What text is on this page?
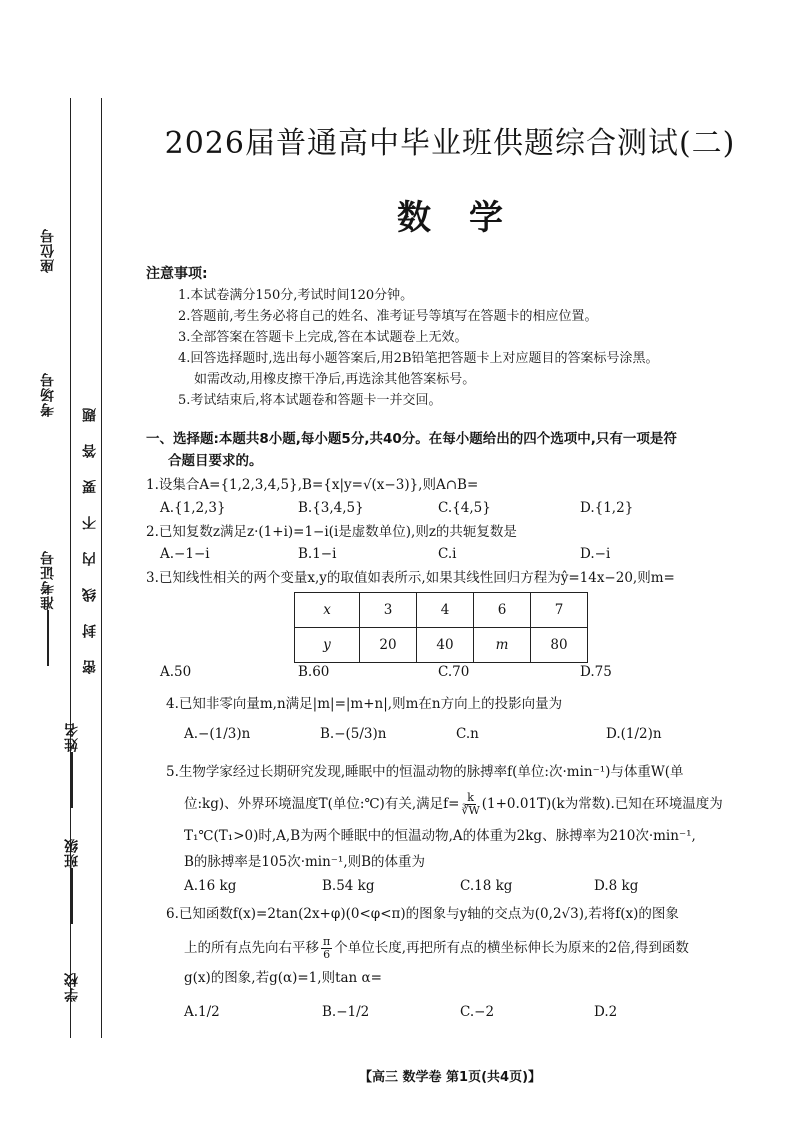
座位号
考场号
准考证号
姓名
班级
学校
题
答
要
不
内
线
封
密
2026届普通高中毕业班供题综合测试(二)
数学
注意事项:
1.本试卷满分150分,考试时间120分钟。
2.答题前,考生务必将自己的姓名、准考证号等填写在答题卡的相应位置。
3.全部答案在答题卡上完成,答在本试题卷上无效。
4.回答选择题时,选出每小题答案后,用2B铅笔把答题卡上对应题目的答案标号涂黑。
如需改动,用橡皮擦干净后,再选涂其他答案标号。
5.考试结束后,将本试题卷和答题卡一并交回。
一、选择题:本题共8小题,每小题5分,共40分。在每小题给出的四个选项中,只有一项是符
合题目要求的。
1.设集合A={1,2,3,4,5},B={x|y=√(x−3)},则A∩B=
A.{1,2,3}	B.{3,4,5}	C.{4,5}	D.{1,2}
2.已知复数z满足z·(1+i)=1−i(i是虚数单位),则z的共轭复数是
A.−1−i	B.1−i	C.i	D.−i
3.已知线性相关的两个变量x,y的取值如表所示,如果其线性回归方程为ŷ=14x−20,则m=
x	3	4	6	7
y	20	40	m	80
A.50	B.60	C.70	D.75
4.已知非零向量m,n满足|m|=|m+n|,则m在n方向上的投影向量为
A.−(1/3)n	B.−(5/3)n	C.n	D.(1/2)n
5.生物学家经过长期研究发现,睡眠中的恒温动物的脉搏率f(单位:次·min⁻¹)与体重W(单
位:kg)、外界环境温度T(单位:℃)有关,满足$f= \frac{k}{∛W} (1+0.01T)(k$为常数).已知在环境温度为
T₁℃(T₁>0)时,A,B为两个睡眠中的恒温动物,A的体重为2kg、脉搏率为210次·min⁻¹,
B的脉搏率是105次·min⁻¹,则B的体重为
A.16 kg	B.54 kg	C.18 kg	D.8 kg
6.已知函数f(x)=2tan(2x+φ)(0<φ<π)的图象与y轴的交点为(0,2√3),若将f(x)的图象
上的所有点先向右平移 $\frac{\pi}{6}$ 个单位长度,再把所有点的横坐标伸长为原来的2倍,得到函数
g(x)的图象,若g(α)=1,则tan α=
A.1/2	B.−1/2	C.−2	D.2
【高三 数学卷 第1页(共4页)】
